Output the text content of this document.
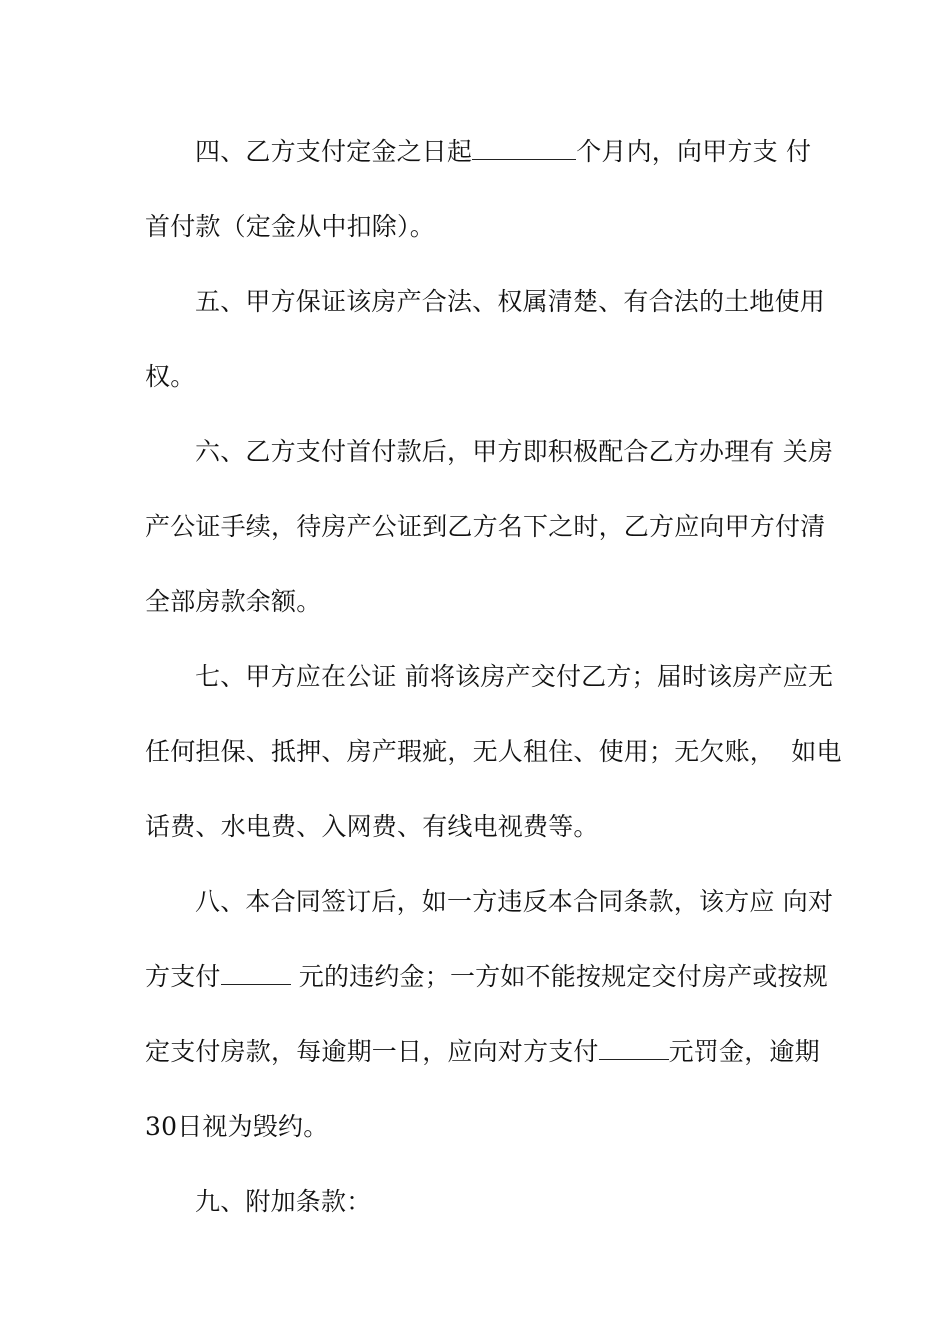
四、乙方支付定金之日起	个月内，向甲方支 付
首付款（定金从中扣除）。
五、甲方保证该房产合法、权属清楚、有合法的土地使用
权。
六、乙方支付首付款后，甲方即积极配合乙方办理有 关房
产公证手续，待房产公证到乙方名下之时，乙方应向甲方付清
全部房款余额。
七、甲方应在公证 前将该房产交付乙方；届时该房产应无
任何担保、抵押、房产瑕疵，无人租住、使用；无欠账，  如电
话费、水电费、入网费、有线电视费等。
八、本合同签订后，如一方违反本合同条款，该方应 向对
方支付	元的违约金；一方如不能按规定交付房产或按规
定支付房款，每逾期一日，应向对方支付	元罚金，逾期
30日视为毁约。
九、附加条款：
